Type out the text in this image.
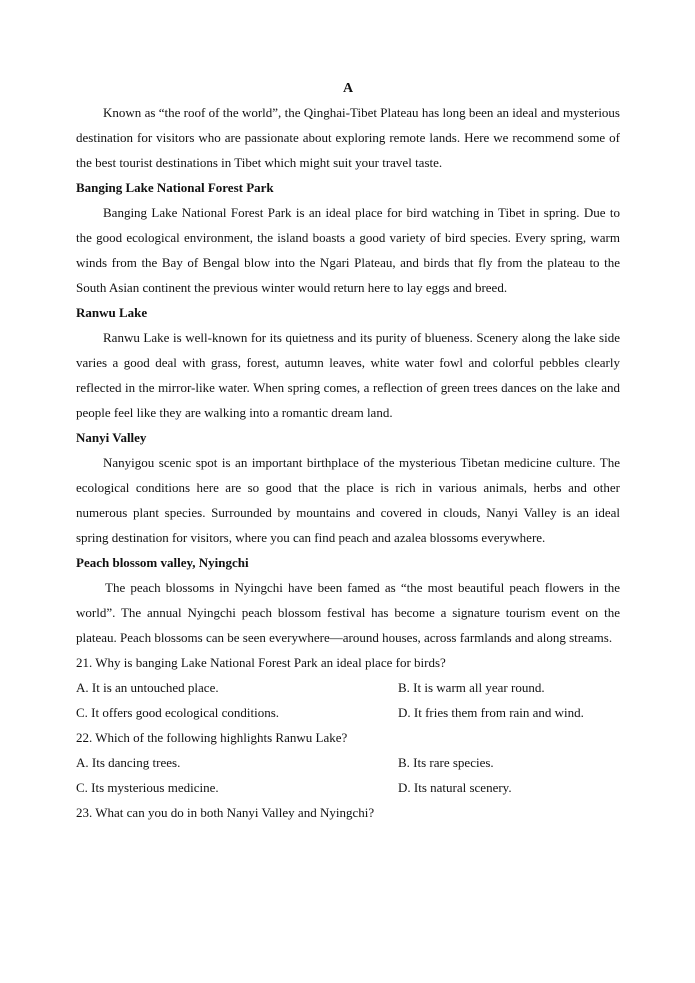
A

Known as “the roof of the world”, the Qinghai-Tibet Plateau has long been an ideal and mysterious destination for visitors who are passionate about exploring remote lands. Here we recommend some of the best tourist destinations in Tibet which might suit your travel taste.

Banging Lake National Forest Park

Banging Lake National Forest Park is an ideal place for bird watching in Tibet in spring. Due to the good ecological environment, the island boasts a good variety of bird species. Every spring, warm winds from the Bay of Bengal blow into the Ngari Plateau, and birds that fly from the plateau to the South Asian continent the previous winter would return here to lay eggs and breed.

Ranwu Lake

Ranwu Lake is well-known for its quietness and its purity of blueness. Scenery along the lake side varies a good deal with grass, forest, autumn leaves, white water fowl and colorful pebbles clearly reflected in the mirror-like water. When spring comes, a reflection of green trees dances on the lake and people feel like they are walking into a romantic dream land.

Nanyi Valley

Nanyigou scenic spot is an important birthplace of the mysterious Tibetan medicine culture. The ecological conditions here are so good that the place is rich in various animals, herbs and other numerous plant species. Surrounded by mountains and covered in clouds, Nanyi Valley is an ideal spring destination for visitors, where you can find peach and azalea blossoms everywhere.

Peach blossom valley, Nyingchi

The peach blossoms in Nyingchi have been famed as “the most beautiful peach flowers in the world”. The annual Nyingchi peach blossom festival has become a signature tourism event on the plateau. Peach blossoms can be seen everywhere—around houses, across farmlands and along streams.

21. Why is banging Lake National Forest Park an ideal place for birds?
A. It is an untouched place.	B. It is warm all year round.
C. It offers good ecological conditions.	D. It fries them from rain and wind.
22. Which of the following highlights Ranwu Lake?
A. Its dancing trees.	B. Its rare species.
C. Its mysterious medicine.	D. Its natural scenery.
23. What can you do in both Nanyi Valley and Nyingchi?
